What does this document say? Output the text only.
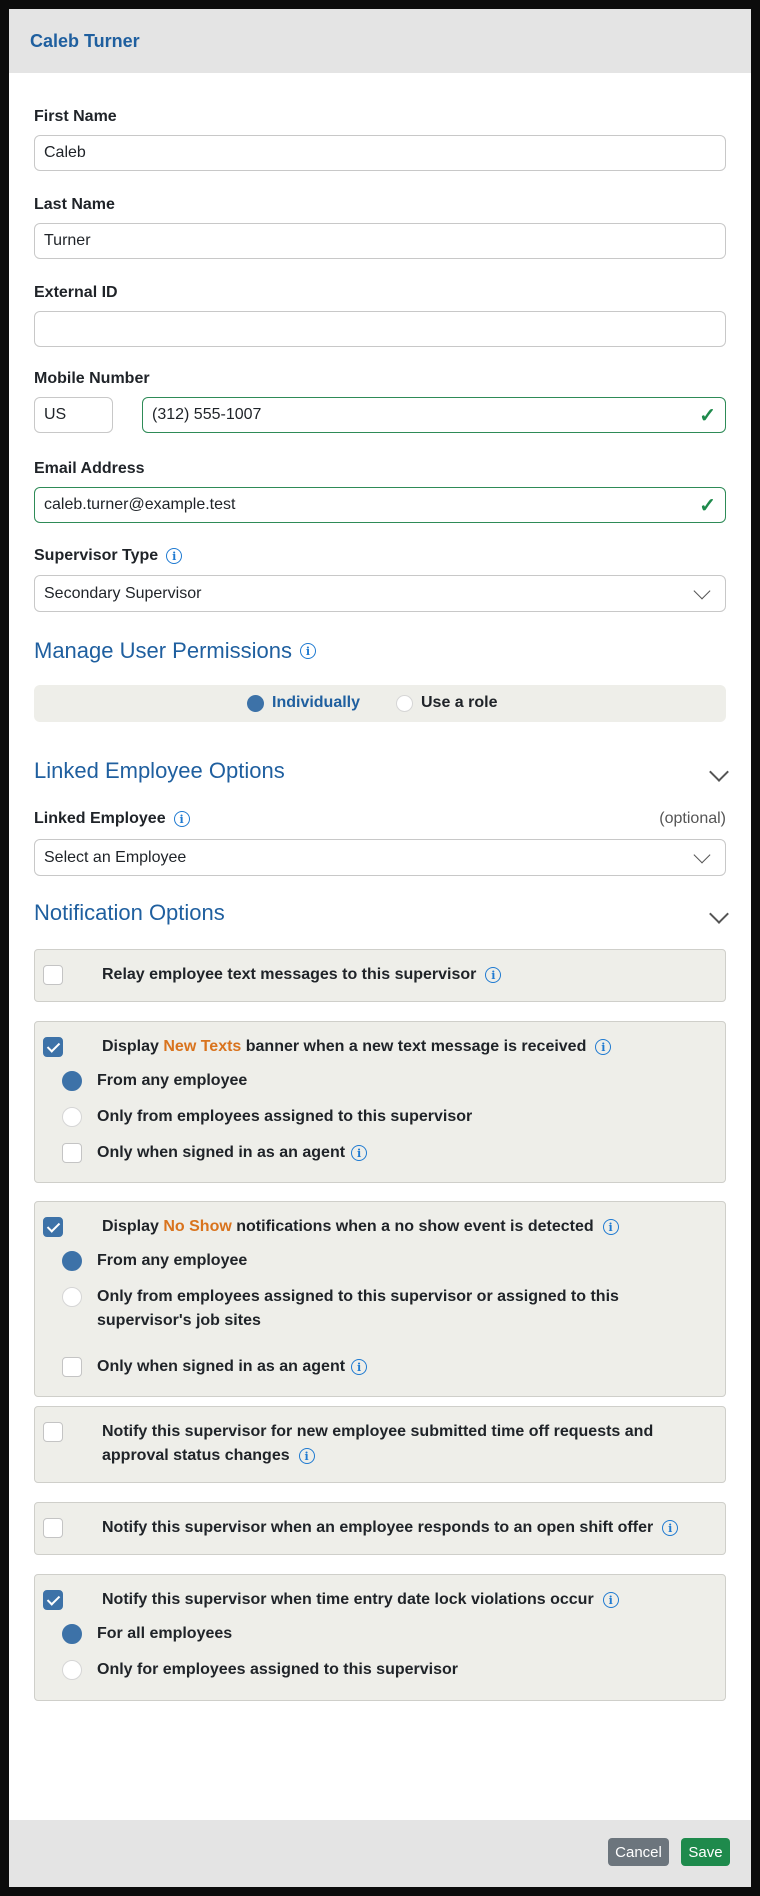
Caleb Turner
First Name
Caleb
Last Name
Turner
External ID
Mobile Number
US	(312) 555-1007	✓
Email Address
caleb.turner@example.test	✓
Supervisor Type	i
Secondary Supervisor
Manage User Permissions	i
Individually	Use a role
Linked Employee Options
Linked Employee	i	(optional)
Select an Employee
Notification Options
Relay employee text messages to this supervisor	i
Display New Texts banner when a new text message is received	i
From any employee
Only from employees assigned to this supervisor
Only when signed in as an agent	i
Display No Show notifications when a no show event is detected	i
From any employee
Only from employees assigned to this supervisor or assigned to this
supervisor's job sites
Only when signed in as an agent	i
Notify this supervisor for new employee submitted time off requests and
approval status changes	i
Notify this supervisor when an employee responds to an open shift offer	i
Notify this supervisor when time entry date lock violations occur	i
For all employees
Only for employees assigned to this supervisor
Cancel	Save
